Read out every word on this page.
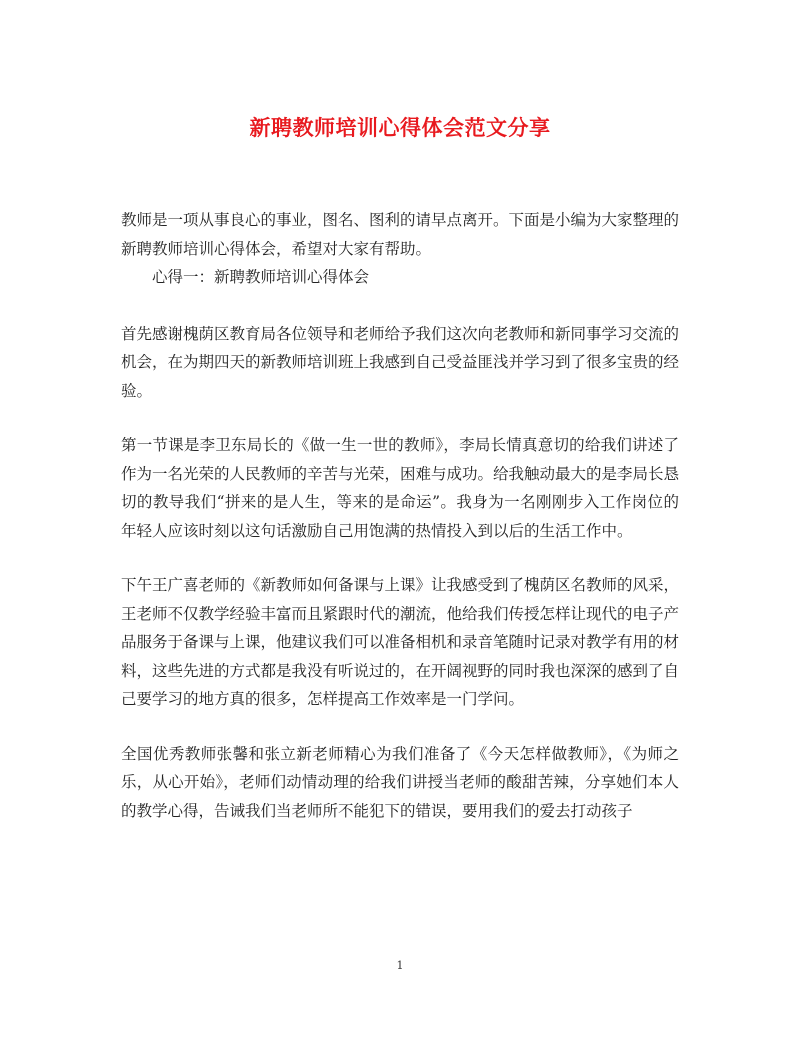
新聘教师培训心得体会范文分享

教师是一项从事良心的事业，图名、图利的请早点离开。下面是小编为大家整理的新聘教师培训心得体会，希望对大家有帮助。

心得一：新聘教师培训心得体会

首先感谢槐荫区教育局各位领导和老师给予我们这次向老教师和新同事学习交流的机会，在为期四天的新教师培训班上我感到自己受益匪浅并学习到了很多宝贵的经验。

第一节课是李卫东局长的《做一生一世的教师》，李局长情真意切的给我们讲述了作为一名光荣的人民教师的辛苦与光荣，困难与成功。给我触动最大的是李局长恳切的教导我们“拼来的是人生，等来的是命运”。我身为一名刚刚步入工作岗位的年轻人应该时刻以这句话激励自己用饱满的热情投入到以后的生活工作中。

下午王广喜老师的《新教师如何备课与上课》让我感受到了槐荫区名教师的风采，王老师不仅教学经验丰富而且紧跟时代的潮流，他给我们传授怎样让现代的电子产品服务于备课与上课，他建议我们可以准备相机和录音笔随时记录对教学有用的材料，这些先进的方式都是我没有听说过的，在开阔视野的同时我也深深的感到了自己要学习的地方真的很多，怎样提高工作效率是一门学问。

全国优秀教师张馨和张立新老师精心为我们准备了《今天怎样做教师》，《为师之乐，从心开始》，老师们动情动理的给我们讲授当老师的酸甜苦辣，分享她们本人的教学心得，告诫我们当老师所不能犯下的错误，要用我们的爱去打动孩子

1
